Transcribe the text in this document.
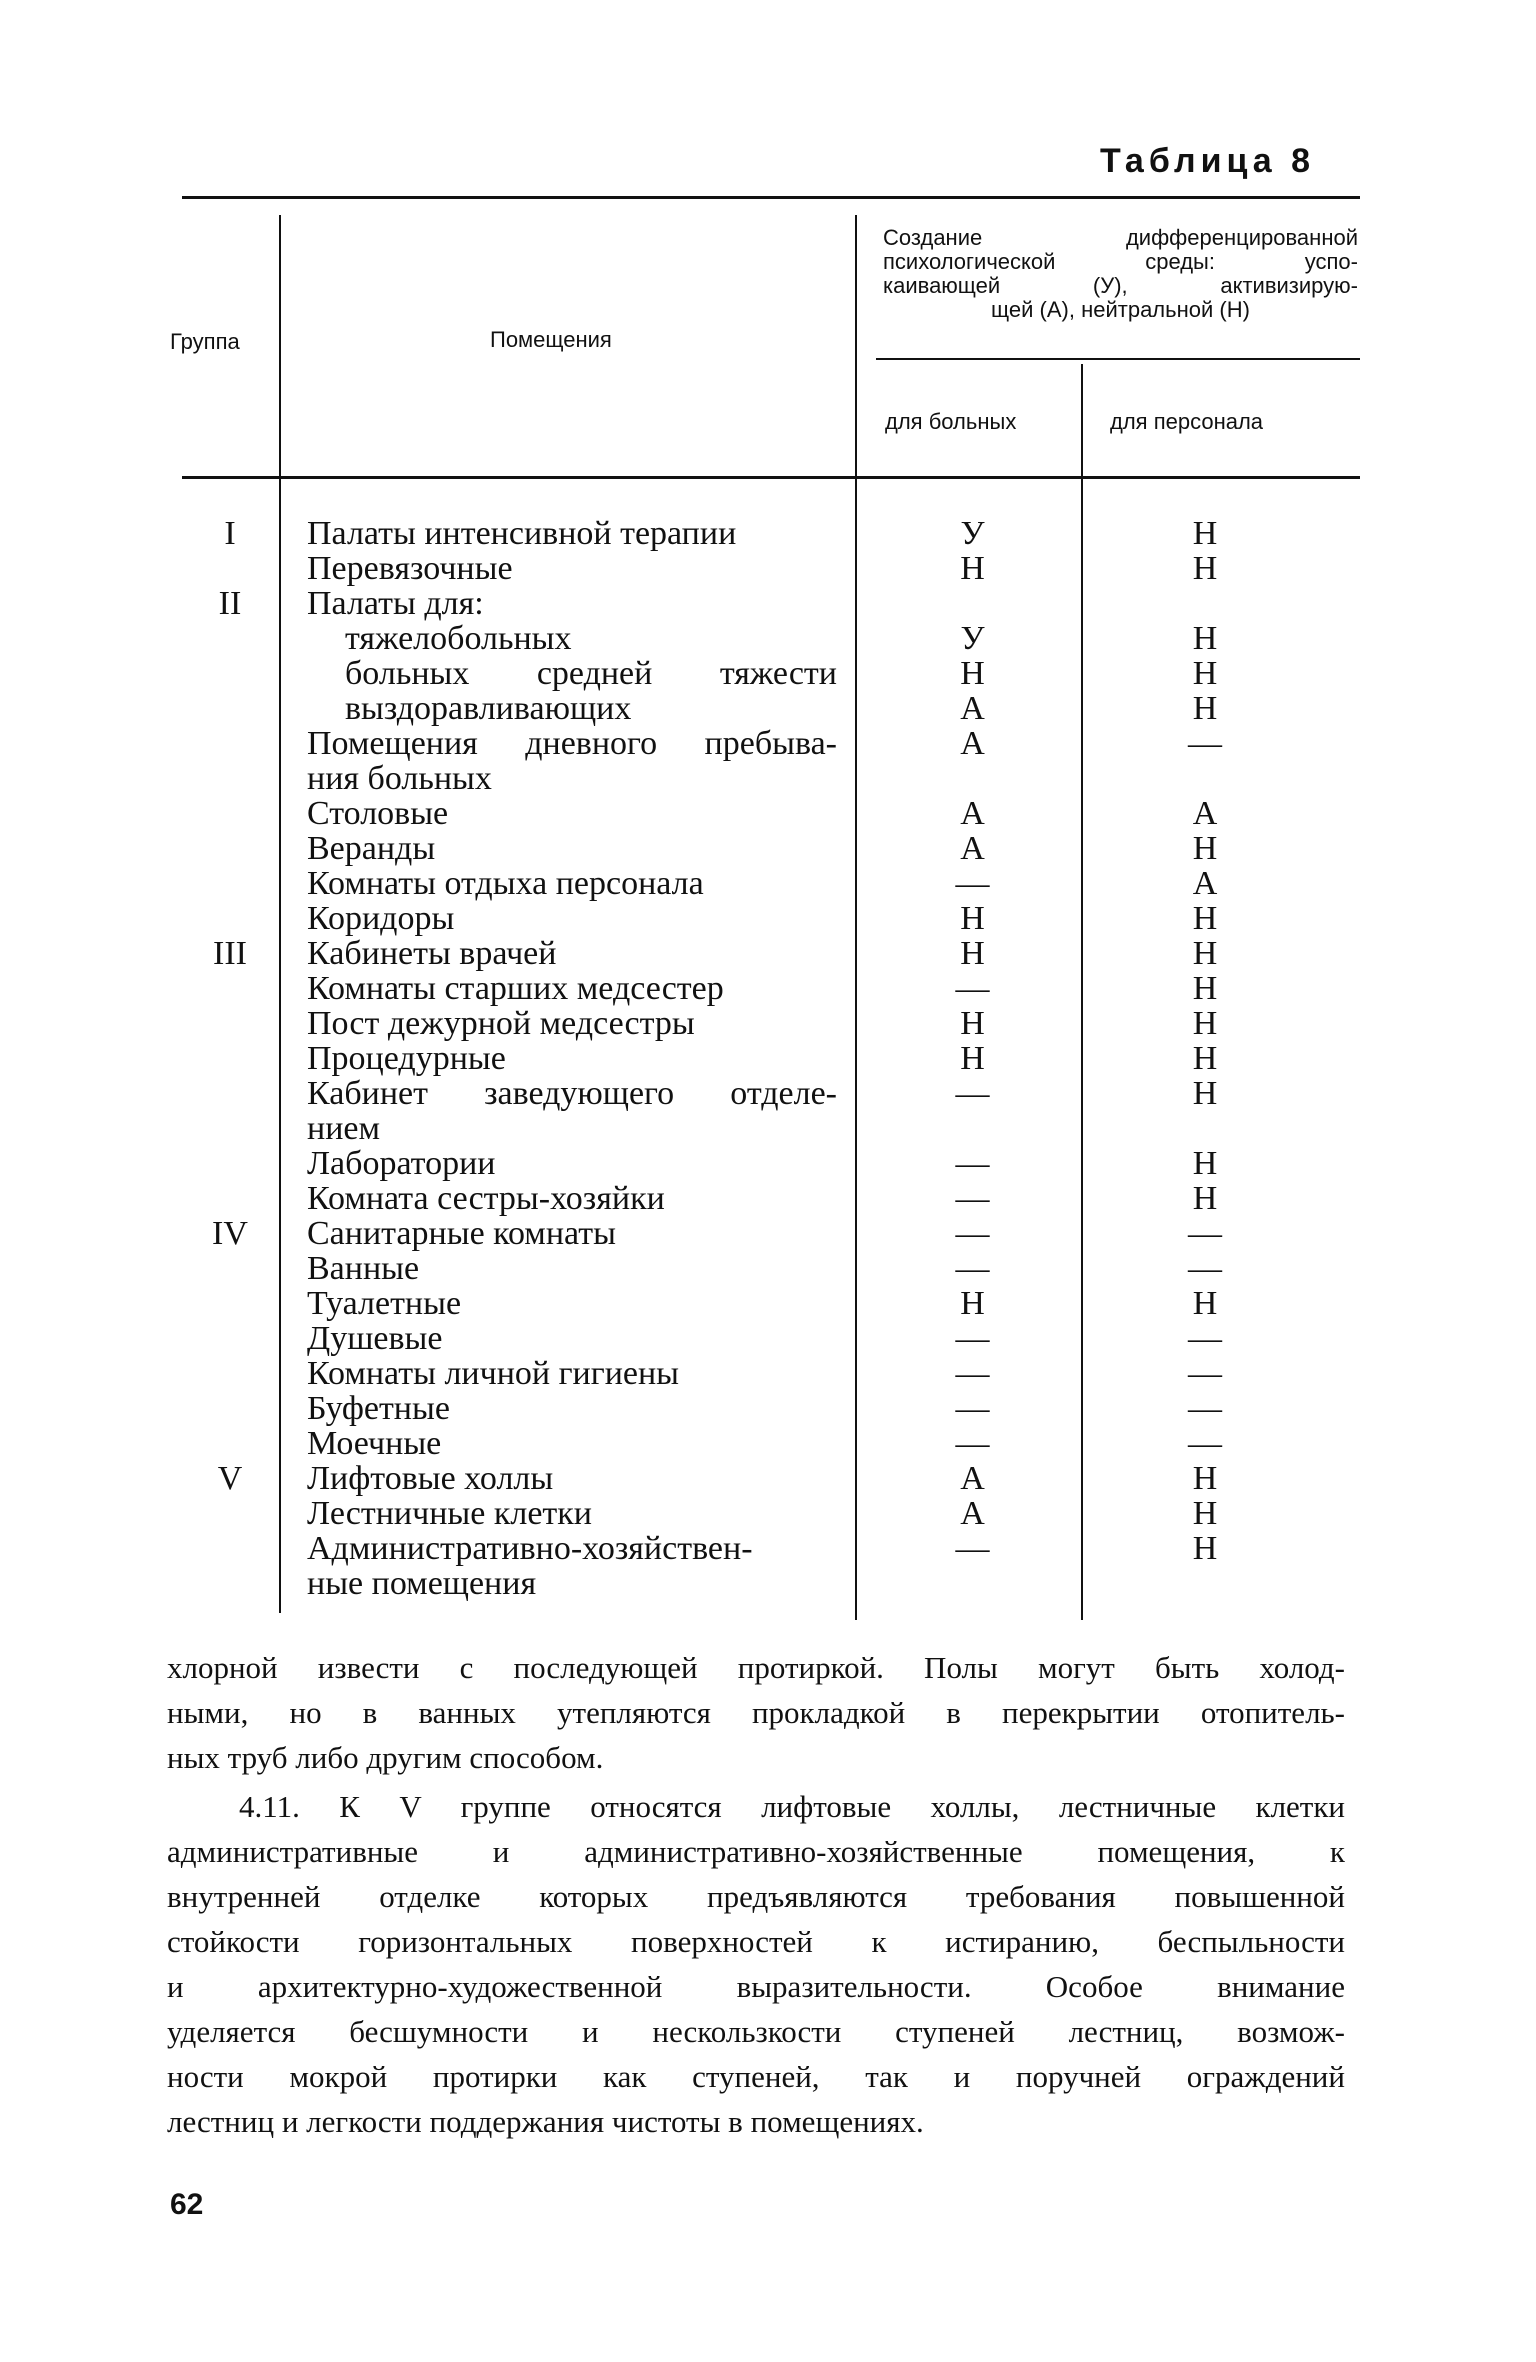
Таблица 8
Группа	Помещения
Создание дифференцированной
психологической среды: успо-
каивающей (У), активизирую-
щей (А), нейтральной (Н)
для больных	для персонала
I	Палаты интенсивной терапии	У	Н
Перевязочные	Н	Н
II	Палаты для:
тяжелобольных	У	Н
больных средней тяжести	Н	Н
выздоравливающих	А	Н
Помещения дневного пребыва-	А	—
ния больных
Столовые	А	А
Веранды	А	Н
Комнаты отдыха персонала	—	А
Коридоры	Н	Н
III	Кабинеты врачей	Н	Н
Комнаты старших медсестер	—	Н
Пост дежурной медсестры	Н	Н
Процедурные	Н	Н
Кабинет заведующего отделе-	—	Н
нием
Лаборатории	—	Н
Комната сестры-хозяйки	—	Н
IV	Санитарные комнаты	—	—
Ванные	—	—
Туалетные	Н	Н
Душевые	—	—
Комнаты личной гигиены	—	—
Буфетные	—	—
Моечные	—	—
V	Лифтовые холлы	А	Н
Лестничные клетки	А	Н
Административно-хозяйствен-	—	Н
ные помещения
хлорной извести с последующей протиркой. Полы могут быть холод-
ными, но в ванных утепляются прокладкой в перекрытии отопитель-
ных труб либо другим способом.
4.11. К V группе относятся лифтовые холлы, лестничные клетки
административные и административно-хозяйственные помещения, к
внутренней отделке которых предъявляются требования повышенной
стойкости горизонтальных поверхностей к истиранию, беспыльности
и архитектурно-художественной выразительности. Особое внимание
уделяется бесшумности и нескользкости ступеней лестниц, возмож-
ности мокрой протирки как ступеней, так и поручней ограждений
лестниц и легкости поддержания чистоты в помещениях.
62
